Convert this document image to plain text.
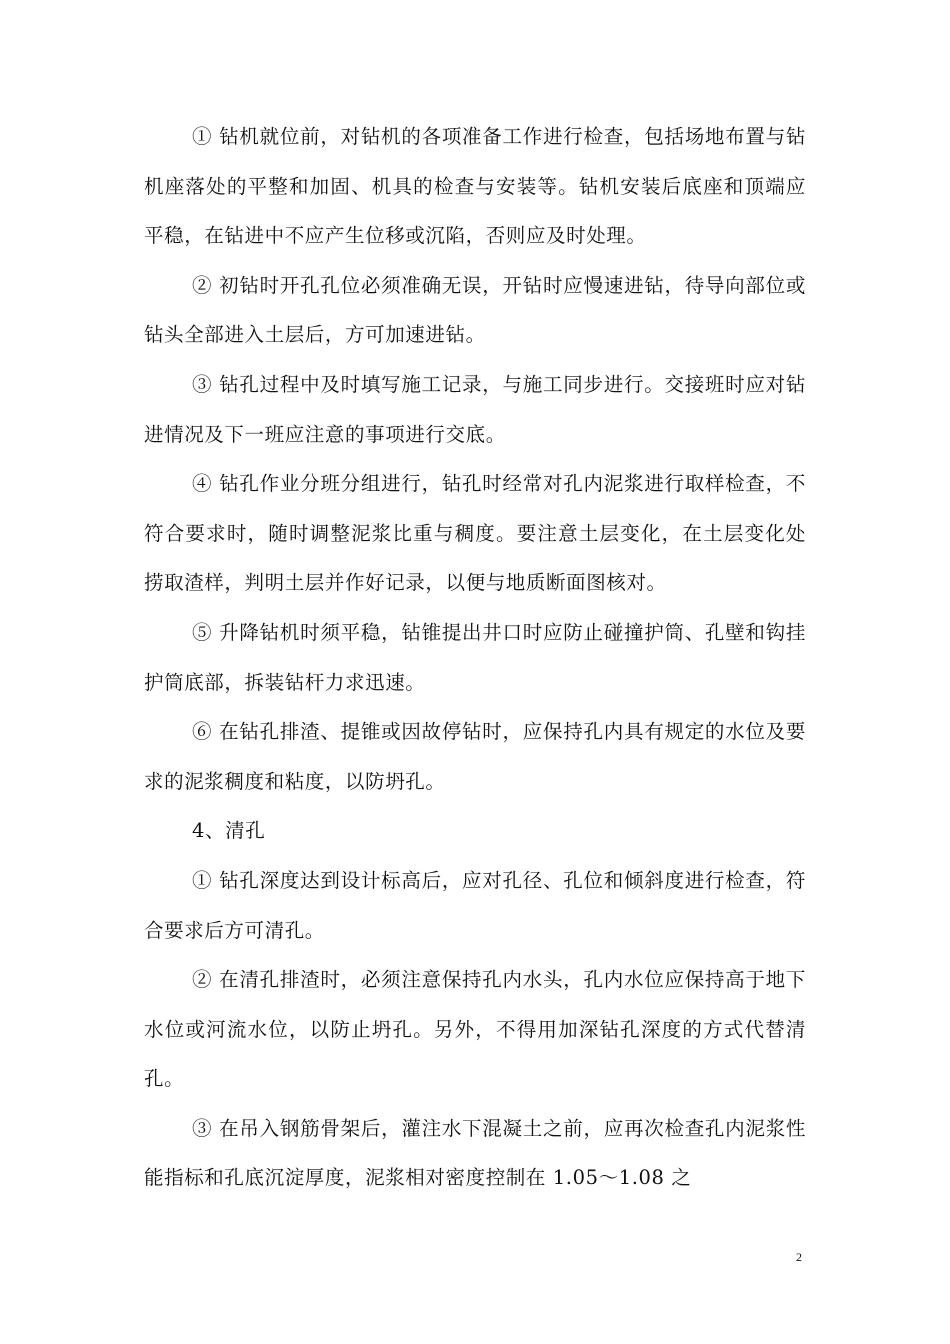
① 钻机就位前，对钻机的各项准备工作进行检查，包括场地布置与钻机座落处的平整和加固、机具的检查与安装等。钻机安装后底座和顶端应平稳，在钻进中不应产生位移或沉陷，否则应及时处理。

② 初钻时开孔孔位必须准确无误，开钻时应慢速进钻，待导向部位或钻头全部进入土层后，方可加速进钻。

③ 钻孔过程中及时填写施工记录，与施工同步进行。交接班时应对钻进情况及下一班应注意的事项进行交底。

④ 钻孔作业分班分组进行，钻孔时经常对孔内泥浆进行取样检查，不符合要求时，随时调整泥浆比重与稠度。要注意土层变化，在土层变化处捞取渣样，判明土层并作好记录，以便与地质断面图核对。

⑤ 升降钻机时须平稳，钻锥提出井口时应防止碰撞护筒、孔壁和钩挂护筒底部，拆装钻杆力求迅速。

⑥ 在钻孔排渣、提锥或因故停钻时，应保持孔内具有规定的水位及要求的泥浆稠度和粘度，以防坍孔。

4、清孔

① 钻孔深度达到设计标高后，应对孔径、孔位和倾斜度进行检查，符合要求后方可清孔。

② 在清孔排渣时，必须注意保持孔内水头，孔内水位应保持高于地下水位或河流水位，以防止坍孔。另外，不得用加深钻孔深度的方式代替清孔。

③ 在吊入钢筋骨架后，灌注水下混凝土之前，应再次检查孔内泥浆性能指标和孔底沉淀厚度，泥浆相对密度控制在 1.05～1.08 之

2
